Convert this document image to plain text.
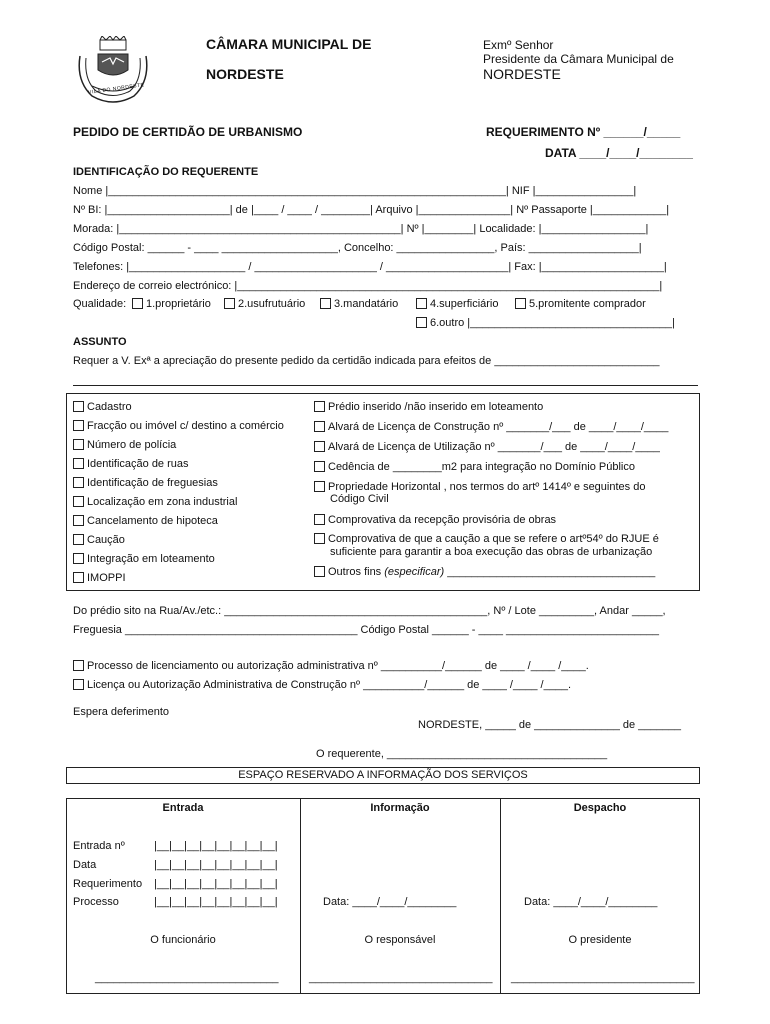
VILA DO NORDESTE
CÂMARA MUNICIPAL DE
NORDESTE
Exmº Senhor
Presidente da Câmara Municipal de
NORDESTE
PEDIDO DE CERTIDÃO DE URBANISMO	REQUERIMENTO Nº ______/_____
DATA ____/____/________
IDENTIFICAÇÃO DO REQUERENTE
Nome |_________________________________________________________________| NIF |________________|
Nº BI: |____________________| de |____ / ____ / ________| Arquivo |_______________| Nº Passaporte |____________|
Morada: |______________________________________________| Nº |________| Localidade: |_________________|
Código Postal: ______ - ____ ___________________, Concelho: ________________, País: __________________|
Telefones: |___________________ / ____________________ / ____________________| Fax: |____________________|
Endereço de correio electrónico: |_____________________________________________________________________|
Qualidade:	1.proprietário	2.usufrutuário	3.mandatário	4.superficiário	5.promitente comprador
6.outro |_________________________________|
ASSUNTO
Requer a V. Exª a apreciação do presente pedido da certidão indicada para efeitos de ___________________________
Cadastro
Fracção ou imóvel c/ destino a comércio
Número de polícia
Identificação de ruas
Identificação de freguesias
Localização em zona industrial
Cancelamento de hipoteca
Caução
Integração em loteamento
IMOPPI
Prédio inserido /não inserido em loteamento
Alvará de Licença de Construção nº _______/___ de ____/____/____
Alvará de Licença de Utilização nº _______/___ de ____/____/____
Cedência de ________m2 para integração no Domínio Público
Propriedade Horizontal , nos termos do artº 1414º e seguintes do
Código Civil
Comprovativa da recepção provisória de obras
Comprovativa de que a caução a que se refere o artº54º do RJUE é
suficiente para garantir a boa execução das obras de urbanização
Outros fins (especificar) __________________________________
Do prédio sito na Rua/Av./etc.: ___________________________________________, Nº / Lote _________, Andar _____,
Freguesia ______________________________________ Código Postal ______ - ____ _________________________
Processo de licenciamento ou autorização administrativa nº __________/______ de ____ /____ /____.
Licença ou Autorização Administrativa de Construção nº __________/______ de ____ /____ /____.
Espera deferimento
NORDESTE, _____ de ______________ de _______
O requerente, ____________________________________
ESPAÇO RESERVADO A INFORMAÇÃO DOS SERVIÇOS
Entrada	Informação	Despacho
Entrada nº	|__|__|__|__|__|__|__|__|
Data	|__|__|__|__|__|__|__|__|
Requerimento |__|__|__|__|__|__|__|__|
Processo	|__|__|__|__|__|__|__|__|	Data: ____/____/________	Data: ____/____/________
O funcionário	O responsável	O presidente
______________________________	______________________________ ______________________________
